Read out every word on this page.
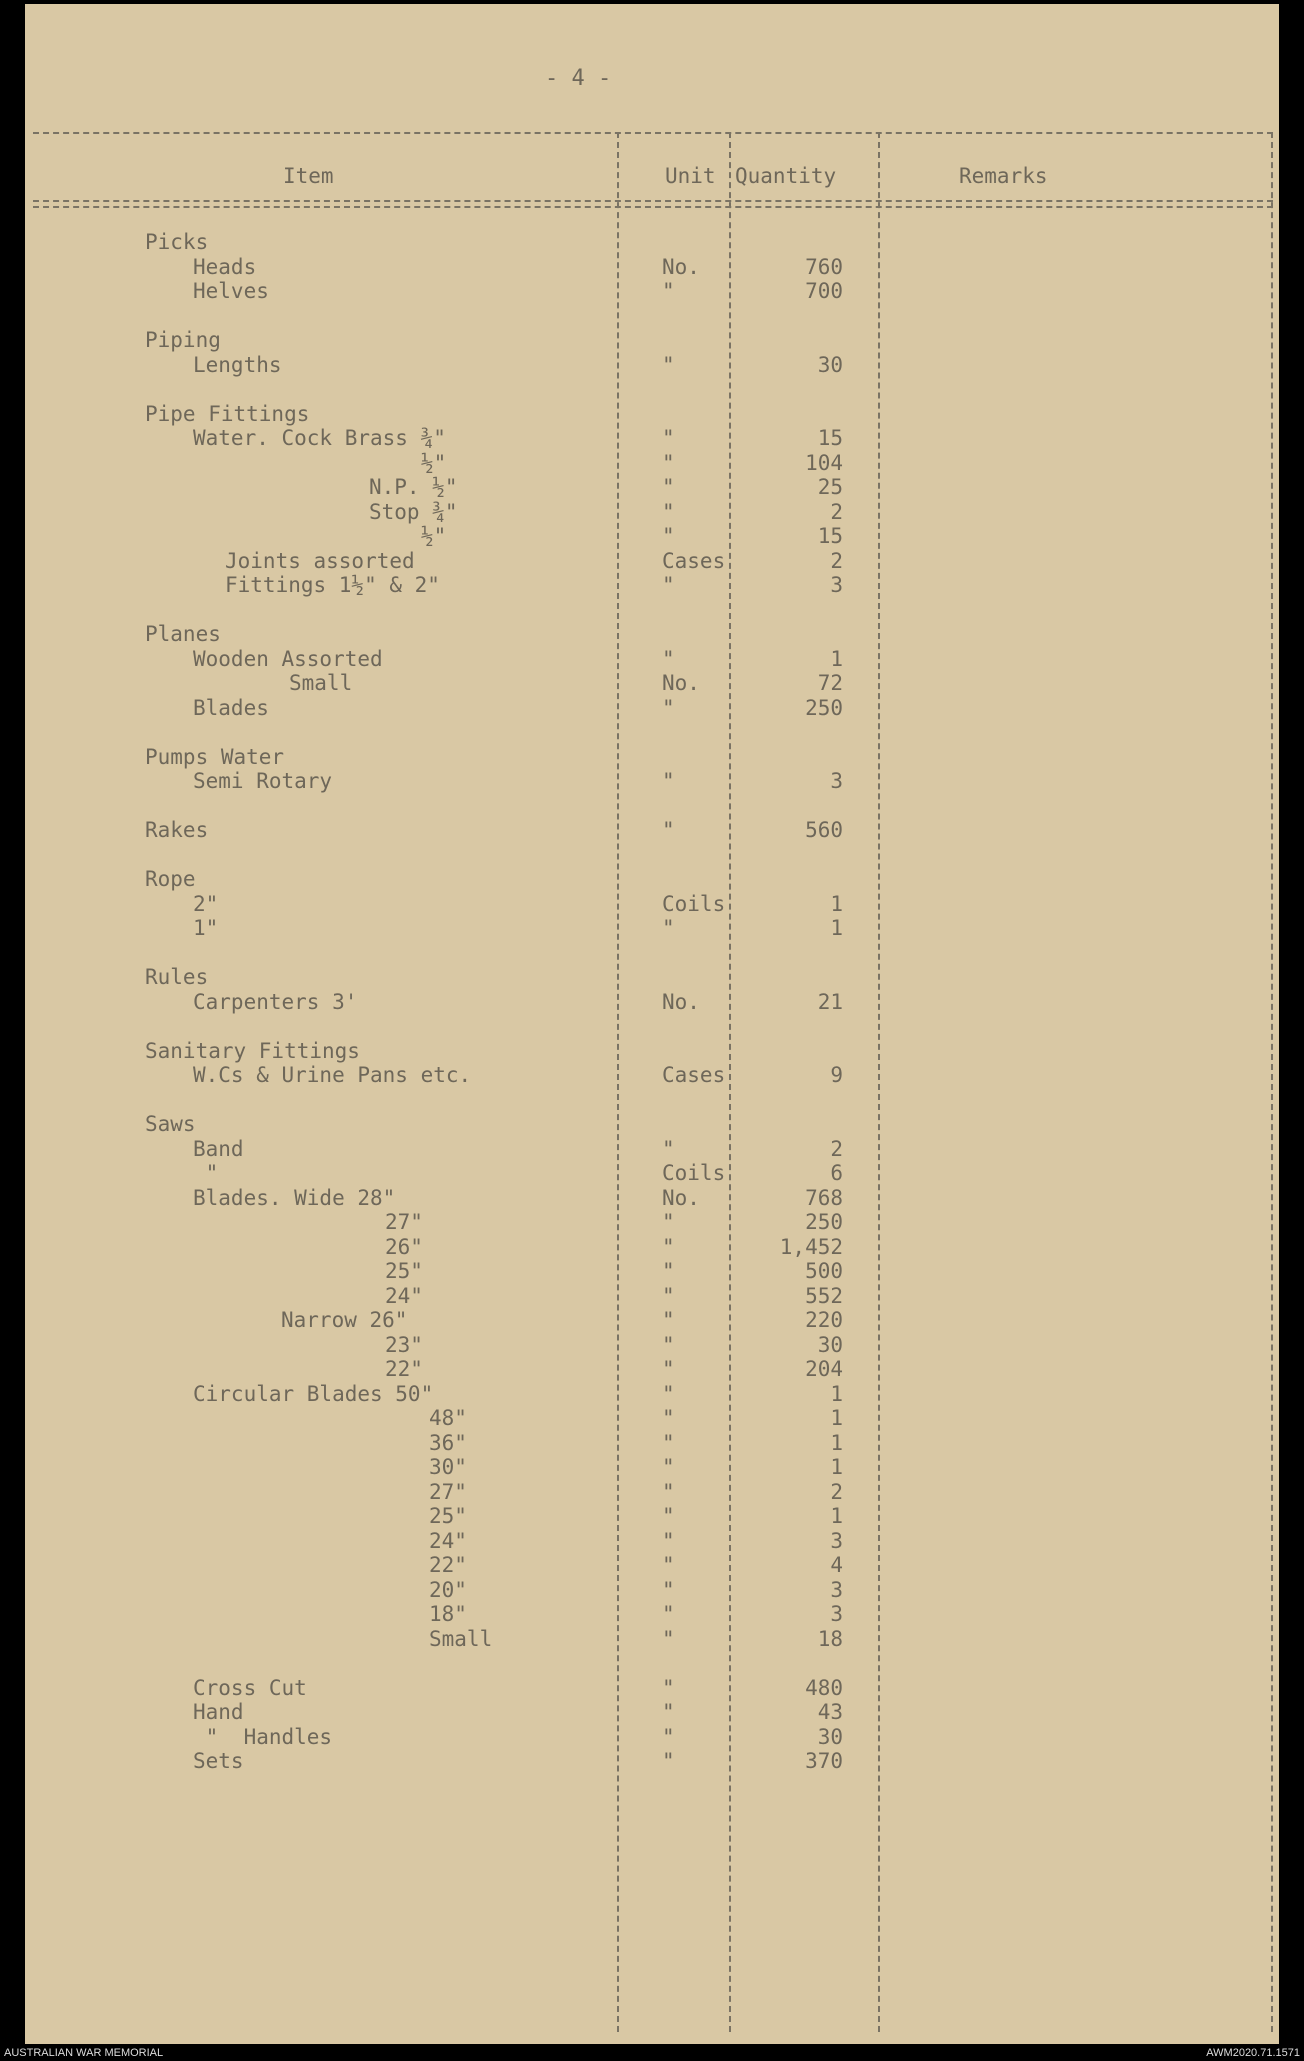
- 4 -
Item	Unit Quantity	Remarks
Picks
Heads	No.	760
Helves	"	700
Piping
Lengths	"	30
Pipe Fittings
Water. Cock Brass ¾"	"	15
½"	"	104
N.P. ½"	"	25
Stop ¾"	"	2
½"	"	15
Joints assorted	Cases	2
Fittings 1½" & 2"	"	3
Planes
Wooden Assorted	"	1
Small	No.	72
Blades	"	250
Pumps Water
Semi Rotary	"	3
Rakes	"	560
Rope
2"	Coils	1
1"	"	1
Rules
Carpenters 3'	No.	21
Sanitary Fittings
W.Cs & Urine Pans etc.	Cases	9
Saws
Band	"	2
"	Coils	6
Blades. Wide 28"	No.	768
27"	"	250
26"	"	1,452
25"	"	500
24"	"	552
Narrow 26"	"	220
23"	"	30
22"	"	204
Circular Blades 50"	"	1
48"	"	1
36"	"	1
30"	"	1
27"	"	2
25"	"	1
24"	"	3
22"	"	4
20"	"	3
18"	"	3
Small	"	18
Cross Cut	"	480
Hand	"	43
"  Handles	"	30
Sets	"	370
AUSTRALIAN WAR MEMORIAL	AWM2020.71.1571
